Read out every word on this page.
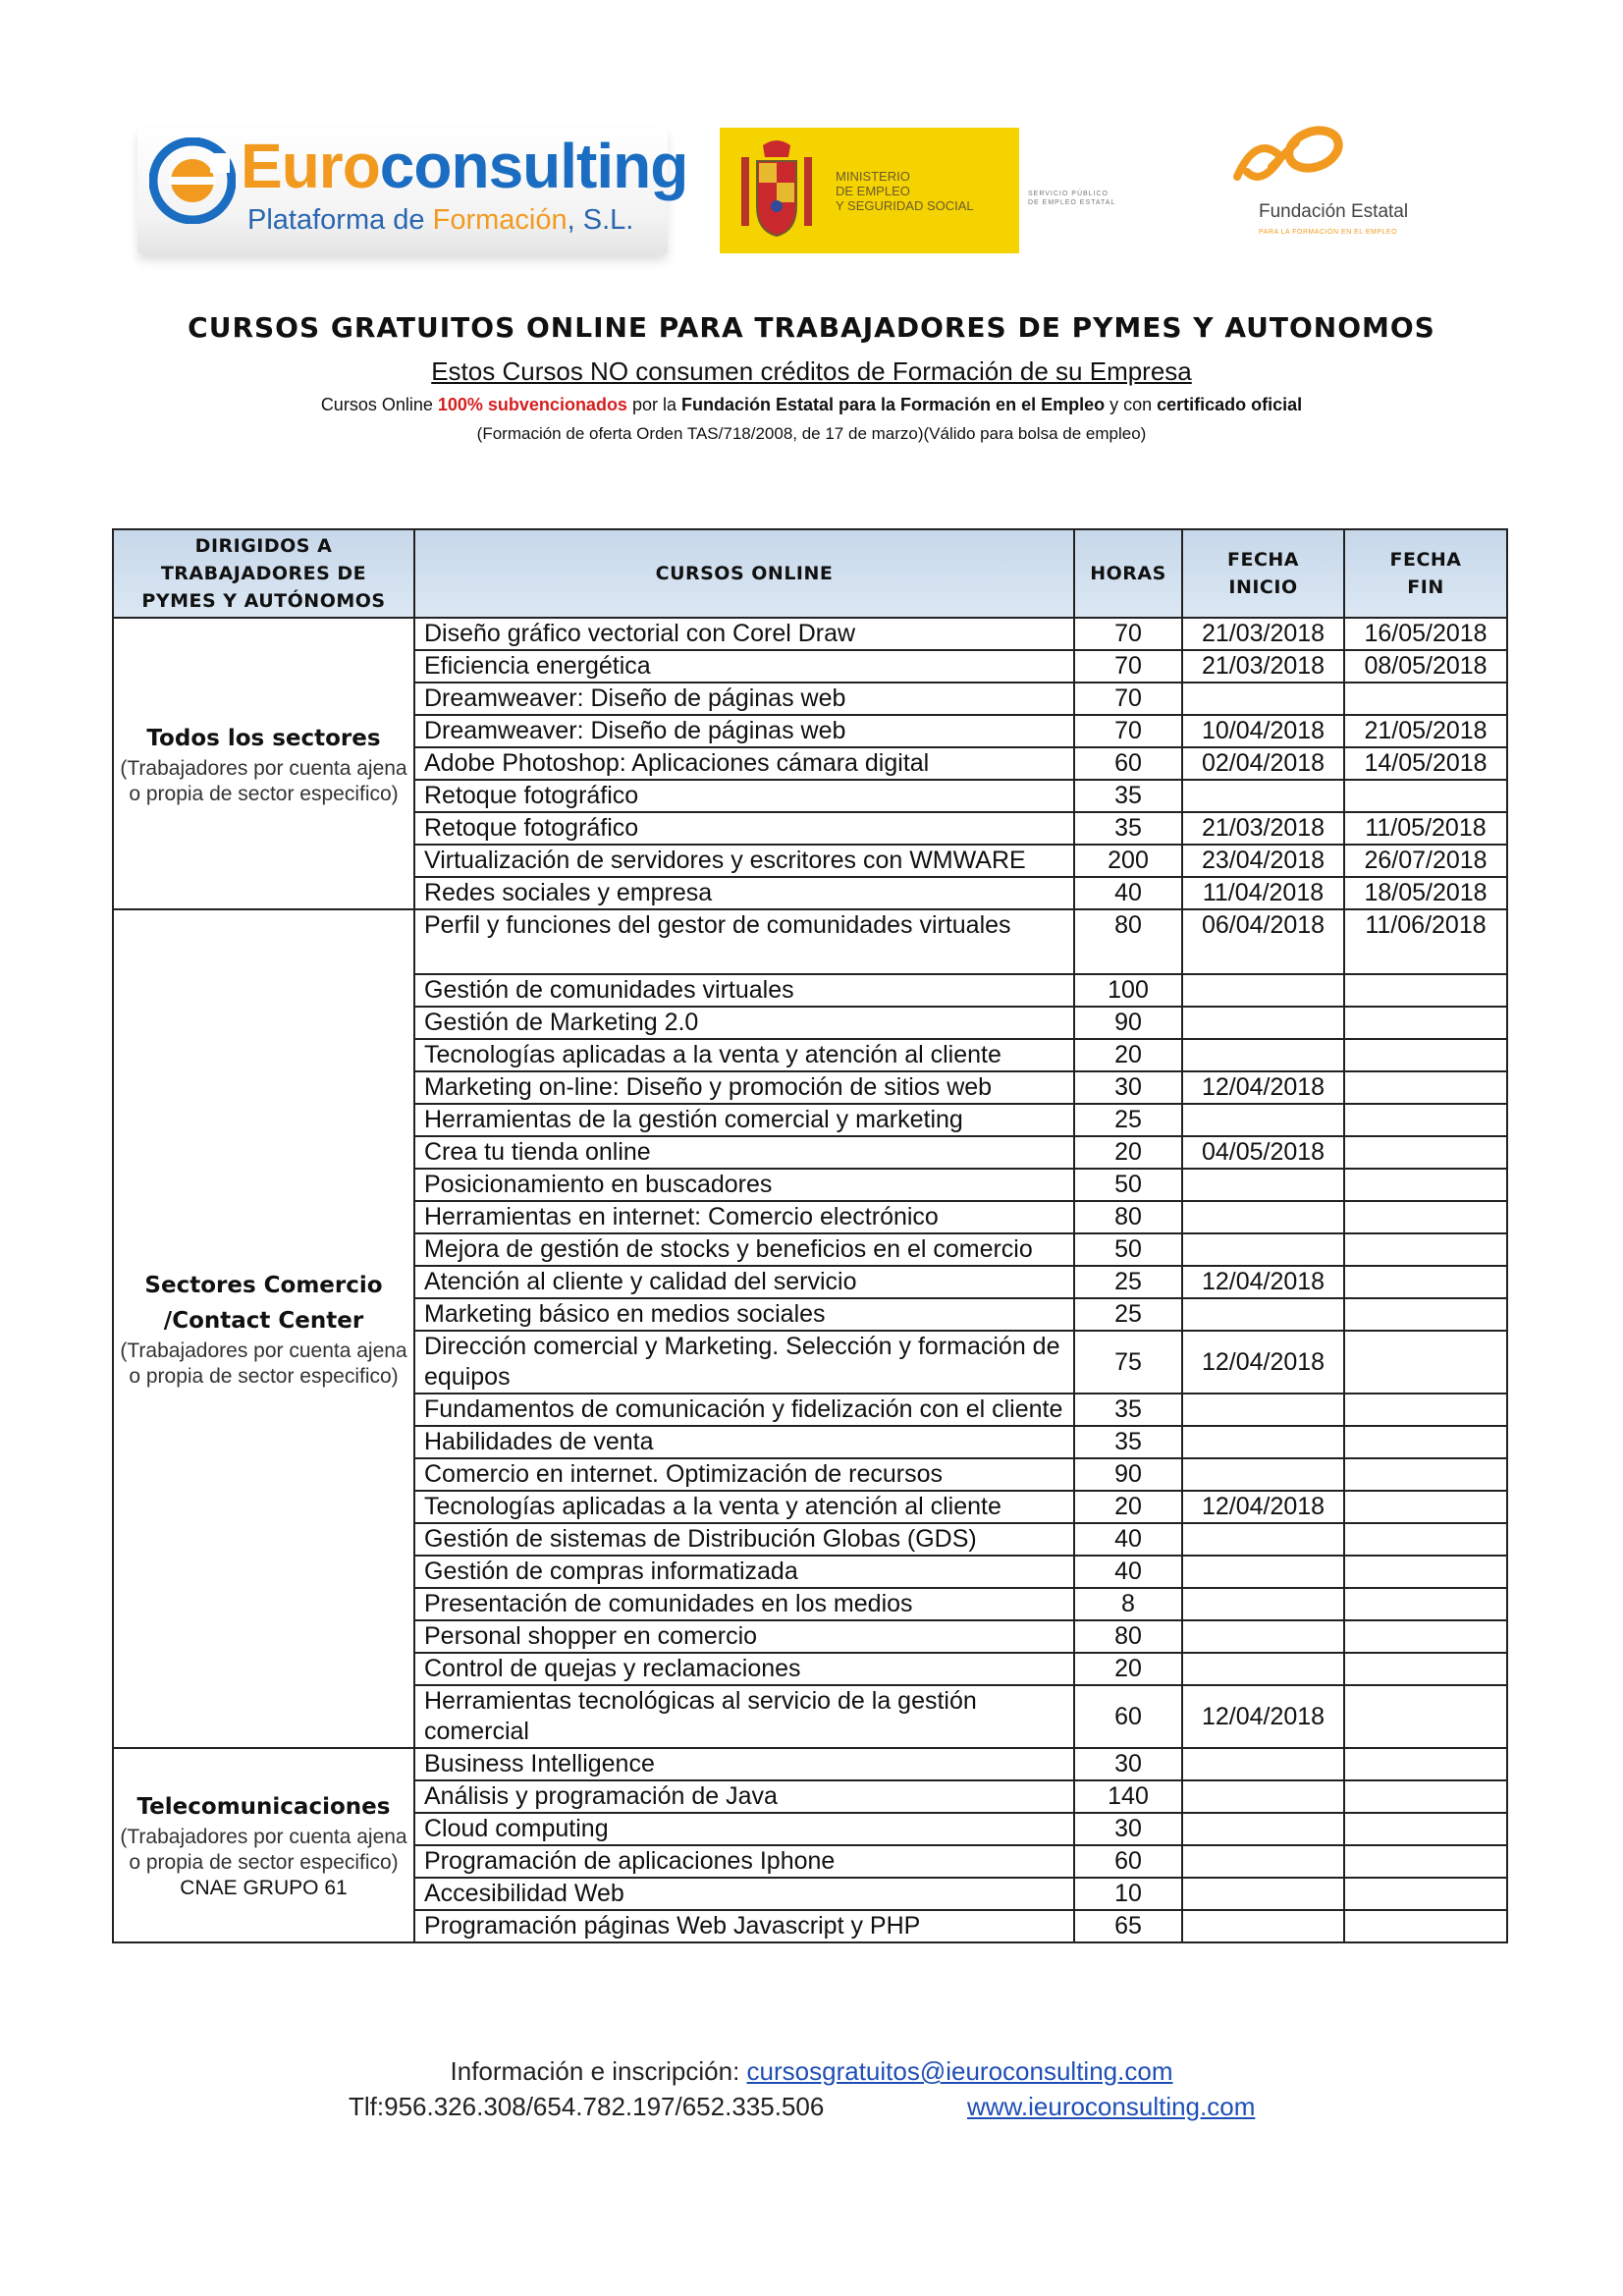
Euroconsulting
Plataforma de Formación, S.L.
MINISTERIO
DE EMPLEO
Y SEGURIDAD SOCIAL
SERVICIO PÚBLICO
DE EMPLEO ESTATAL	Fundación Estatal
PARA LA FORMACIÓN EN EL EMPLEO
CURSOS GRATUITOS ONLINE PARA TRABAJADORES DE PYMES Y AUTONOMOS
Estos Cursos NO consumen créditos de Formación de su Empresa
Cursos Online 100% subvencionados por la Fundación Estatal para la Formación en el Empleo y con certificado oficial
(Formación de oferta Orden TAS/718/2008, de 17 de marzo)(Válido para bolsa de empleo)
DIRIGIDOS A TRABAJADORES DE PYMES Y AUTÓNOMOS	CURSOS ONLINE	HORAS	FECHA INICIO	FECHA FIN

Todos los sectores
(Trabajadores por cuenta ajena o propia de sector especifico)	Diseño gráfico vectorial con Corel Draw	70	21/03/2018	16/05/2018
	Eficiencia energética	70	21/03/2018	08/05/2018
	Dreamweaver: Diseño de páginas web	70		
	Dreamweaver: Diseño de páginas web	70	10/04/2018	21/05/2018
	Adobe Photoshop: Aplicaciones cámara digital	60	02/04/2018	14/05/2018
	Retoque fotográfico	35		
	Retoque fotográfico	35	21/03/2018	11/05/2018
	Virtualización de servidores y escritores con WMWARE	200	23/04/2018	26/07/2018
	Redes sociales y empresa	40	11/04/2018	18/05/2018

Sectores Comercio /Contact Center
(Trabajadores por cuenta ajena o propia de sector especifico)	Perfil y funciones del gestor de comunidades virtuales	80	06/04/2018	11/06/2018
	Gestión de comunidades virtuales	100		
	Gestión de Marketing 2.0	90		
	Tecnologías aplicadas a la venta y atención al cliente	20		
	Marketing on-line: Diseño y promoción de sitios web	30	12/04/2018	
	Herramientas de la gestión comercial y marketing	25		
	Crea tu tienda online	20	04/05/2018	
	Posicionamiento en buscadores	50		
	Herramientas en internet: Comercio electrónico	80		
	Mejora de gestión de stocks y beneficios en el comercio	50		
	Atención al cliente y calidad del servicio	25	12/04/2018	
	Marketing básico en medios sociales	25		
	Dirección comercial y Marketing. Selección y formación de equipos	75	12/04/2018	
	Fundamentos de comunicación y fidelización con el cliente	35		
	Habilidades de venta	35		
	Comercio en internet. Optimización de recursos	90		
	Tecnologías aplicadas a la venta y atención al cliente	20	12/04/2018	
	Gestión de sistemas de Distribución Globas (GDS)	40		
	Gestión de compras informatizada	40		
	Presentación de comunidades en los medios	8		
	Personal shopper en comercio	80		
	Control de quejas y reclamaciones	20		
	Herramientas tecnológicas al servicio de la gestión comercial	60	12/04/2018	

Telecomunicaciones
(Trabajadores por cuenta ajena o propia de sector especifico)
CNAE GRUPO 61	Business Intelligence	30		
	Análisis y programación de Java	140		
	Cloud computing	30		
	Programación de aplicaciones Iphone	60		
	Accesibilidad Web	10		
	Programación páginas Web Javascript y PHP	65		
Información e inscripción: cursosgratuitos@ieuroconsulting.com
Tlf:956.326.308/654.782.197/652.335.506	www.ieuroconsulting.com
